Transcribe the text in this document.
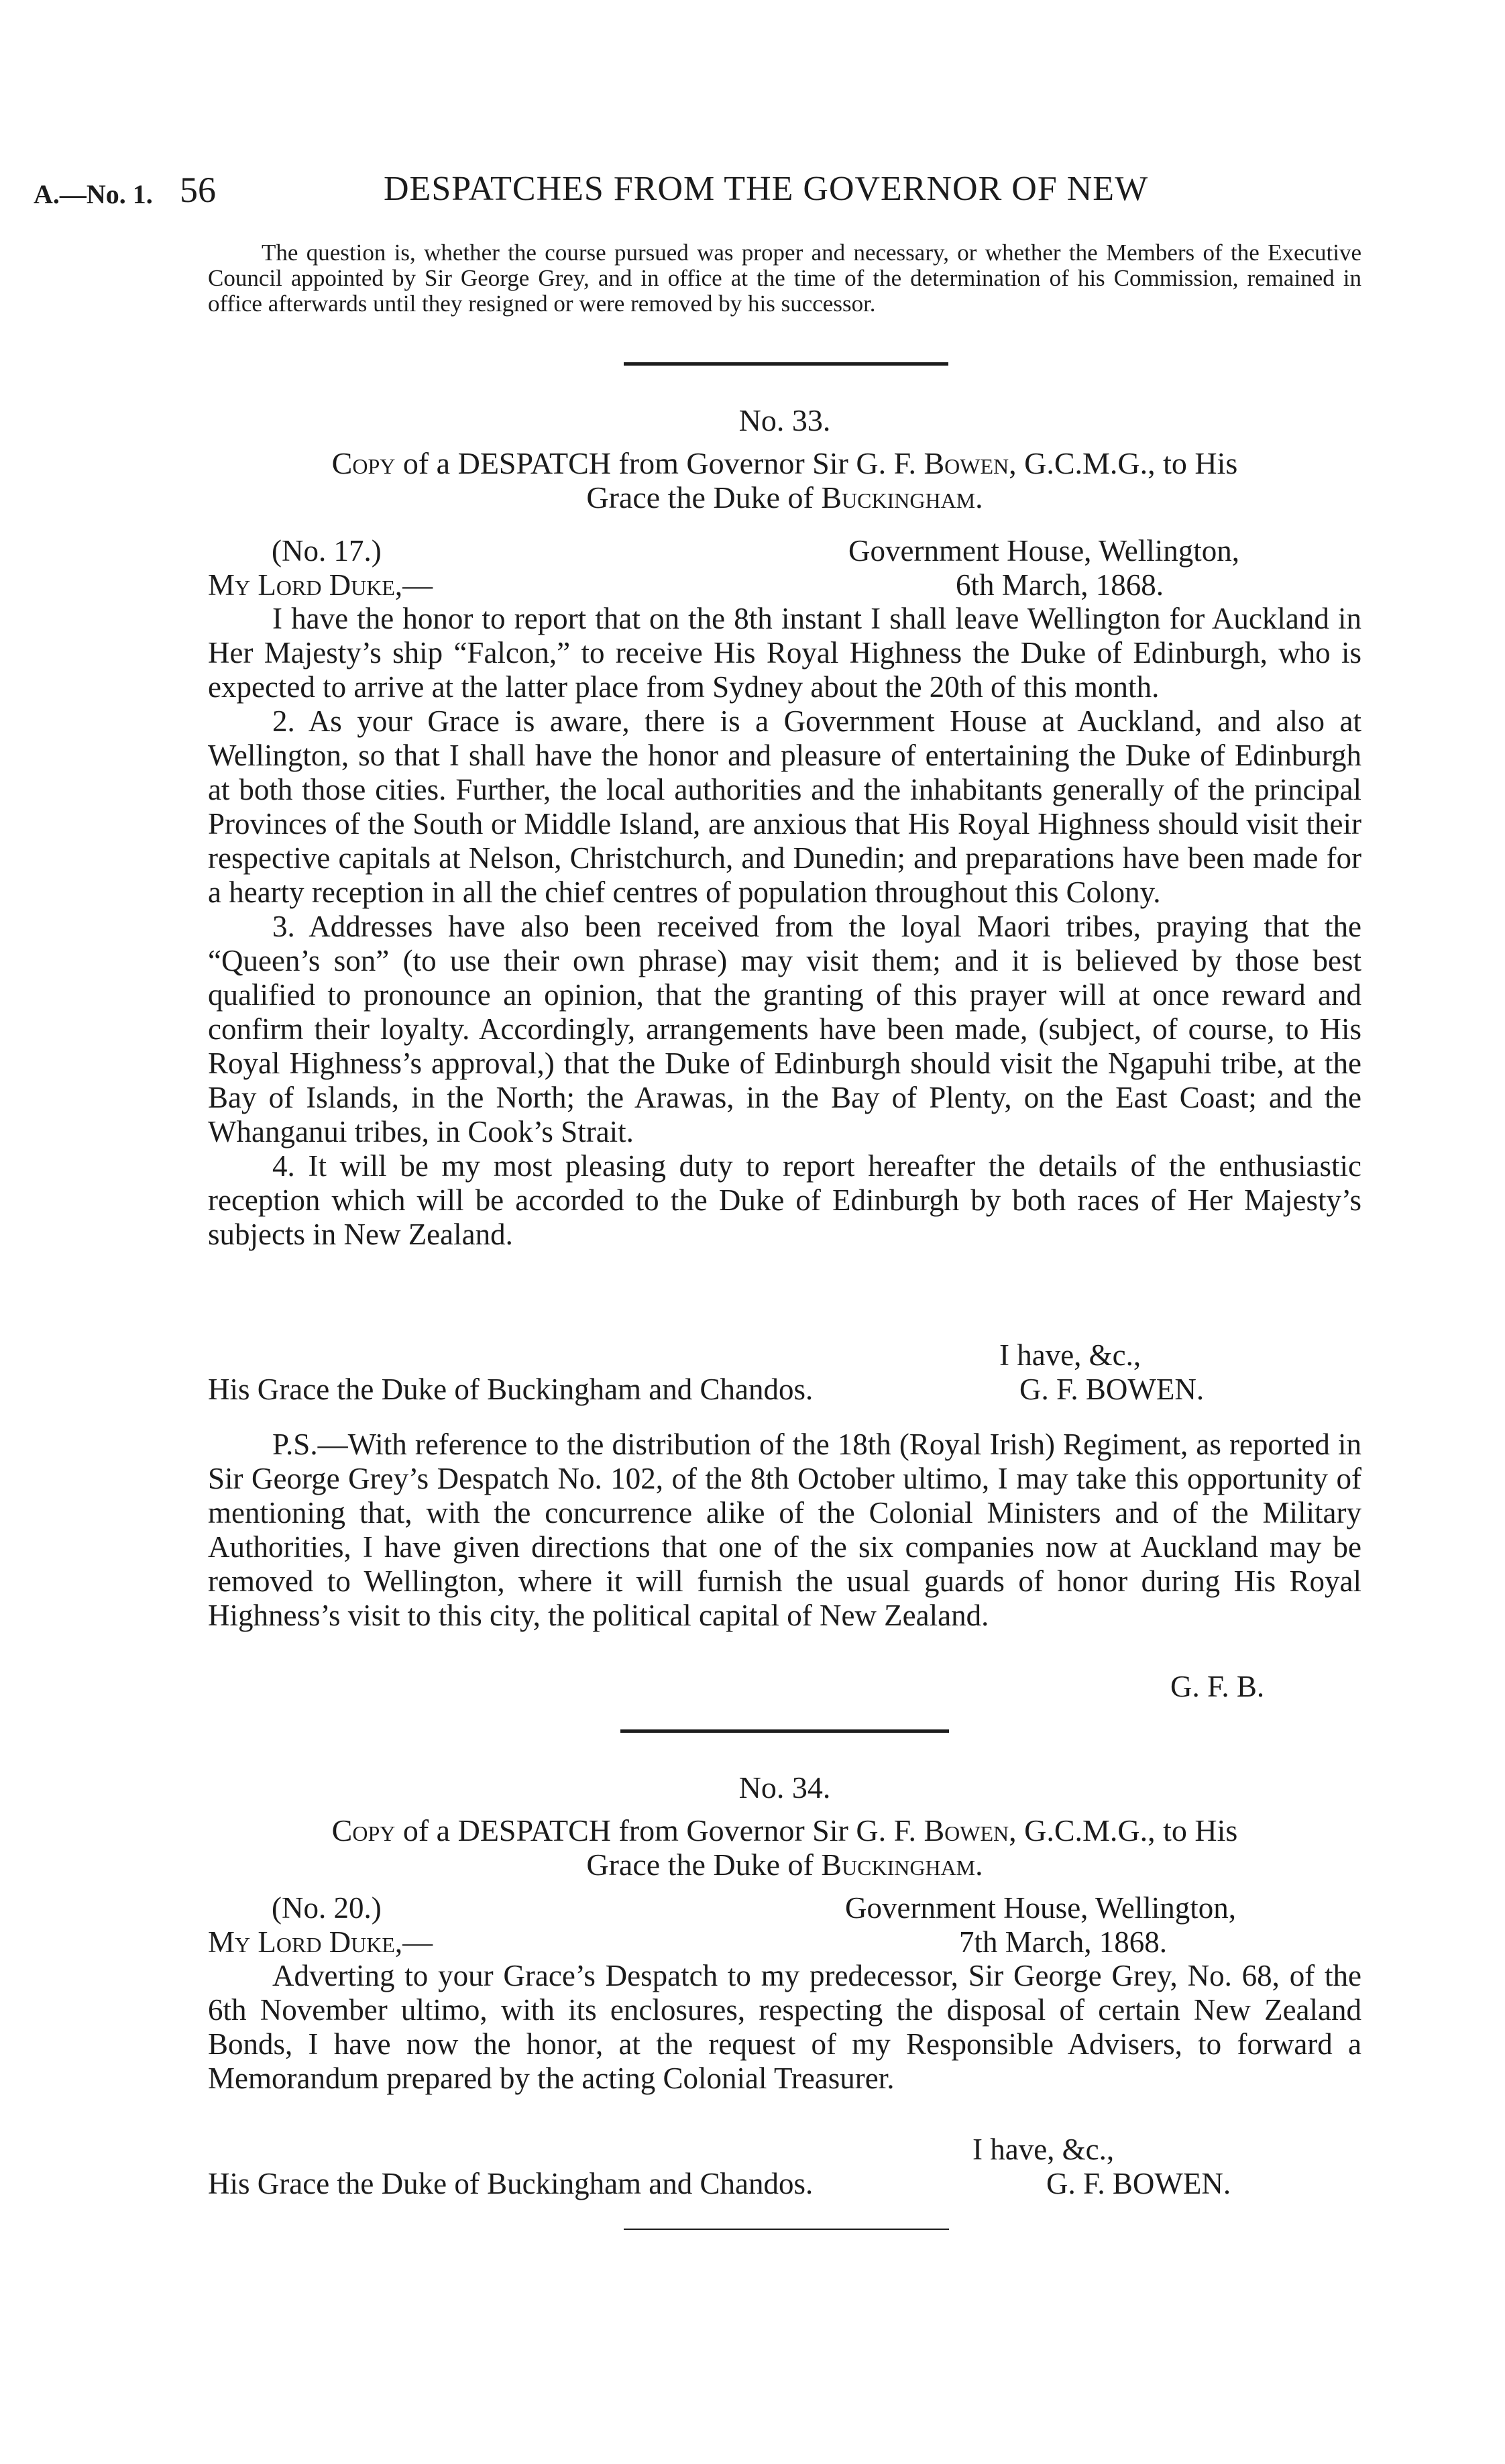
A.—No. 1. 56	DESPATCHES FROM THE GOVERNOR OF NEW

The question is, whether the course pursued was proper and necessary, or whether the Members of the Executive Council appointed by Sir George Grey, and in office at the time of the determination of his Commission, remained in office afterwards until they resigned or were removed by his successor.

No. 33.
Copy of a DESPATCH from Governor Sir G. F. Bowen, G.C.M.G., to His
Grace the Duke of Buckingham.
(No. 17.)	Government House, Wellington,
My Lord Duke,—	6th March, 1868.

I have the honor to report that on the 8th instant I shall leave Wellington for Auckland in Her Majesty’s ship “Falcon,” to receive His Royal Highness the Duke of Edinburgh, who is expected to arrive at the latter place from Sydney about the 20th of this month.

2. As your Grace is aware, there is a Government House at Auckland, and also at Wellington, so that I shall have the honor and pleasure of entertaining the Duke of Edinburgh at both those cities. Further, the local authorities and the inhabitants generally of the principal Provinces of the South or Middle Island, are anxious that His Royal Highness should visit their respective capitals at Nelson, Christchurch, and Dunedin; and preparations have been made for a hearty reception in all the chief centres of population throughout this Colony.

3. Addresses have also been received from the loyal Maori tribes, praying that the “Queen’s son” (to use their own phrase) may visit them; and it is believed by those best qualified to pronounce an opinion, that the granting of this prayer will at once reward and confirm their loyalty. Accordingly, arrangements have been made, (subject, of course, to His Royal Highness’s approval,) that the Duke of Edinburgh should visit the Ngapuhi tribe, at the Bay of Islands, in the North; the Arawas, in the Bay of Plenty, on the East Coast; and the Whanganui tribes, in Cook’s Strait.

4. It will be my most pleasing duty to report hereafter the details of the enthusiastic reception which will be accorded to the Duke of Edinburgh by both races of Her Majesty’s subjects in New Zealand.

I have, &c.,
His Grace the Duke of Buckingham and Chandos.	G. F. BOWEN.

P.S.—With reference to the distribution of the 18th (Royal Irish) Regiment, as reported in Sir George Grey’s Despatch No. 102, of the 8th October ultimo, I may take this opportunity of mentioning that, with the concurrence alike of the Colonial Ministers and of the Military Authorities, I have given directions that one of the six companies now at Auckland may be removed to Wellington, where it will furnish the usual guards of honor during His Royal Highness’s visit to this city, the political capital of New Zealand.

G. F. B.
No. 34.
Copy of a DESPATCH from Governor Sir G. F. Bowen, G.C.M.G., to His
Grace the Duke of Buckingham.
(No. 20.)	Government House, Wellington,
My Lord Duke,—	7th March, 1868.

Adverting to your Grace’s Despatch to my predecessor, Sir George Grey, No. 68, of the 6th November ultimo, with its enclosures, respecting the disposal of certain New Zealand Bonds, I have now the honor, at the request of my Responsible Advisers, to forward a Memorandum prepared by the acting Colonial Treasurer.

I have, &c.,
His Grace the Duke of Buckingham and Chandos.	G. F. BOWEN.
